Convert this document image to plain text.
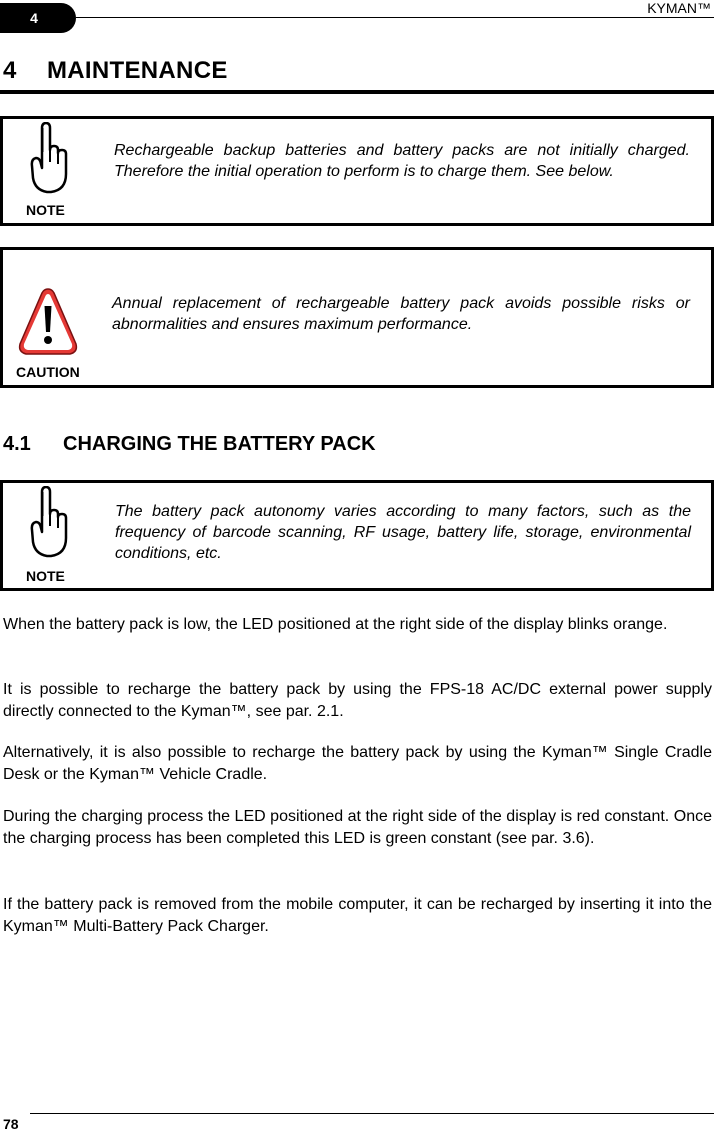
4
KYMAN™
4 MAINTENANCE
NOTE
Rechargeable backup batteries and battery packs are not initially charged. Therefore the initial operation to perform is to charge them. See below.
CAUTION
Annual replacement of rechargeable battery pack avoids possible risks or abnormalities and ensures maximum performance.
4.1 CHARGING THE BATTERY PACK
NOTE
The battery pack autonomy varies according to many factors, such as the frequency of barcode scanning, RF usage, battery life, storage, environmental conditions, etc.
When the battery pack is low, the LED positioned at the right side of the display blinks orange.
It is possible to recharge the battery pack by using the FPS-18 AC/DC external power supply directly connected to the Kyman™, see par. 2.1.
Alternatively, it is also possible to recharge the battery pack by using the Kyman™ Single Cradle Desk or the Kyman™ Vehicle Cradle.
During the charging process the LED positioned at the right side of the display is red constant. Once the charging process has been completed this LED is green constant (see par. 3.6).
If the battery pack is removed from the mobile computer, it can be recharged by inserting it into the Kyman™ Multi-Battery Pack Charger.
78
